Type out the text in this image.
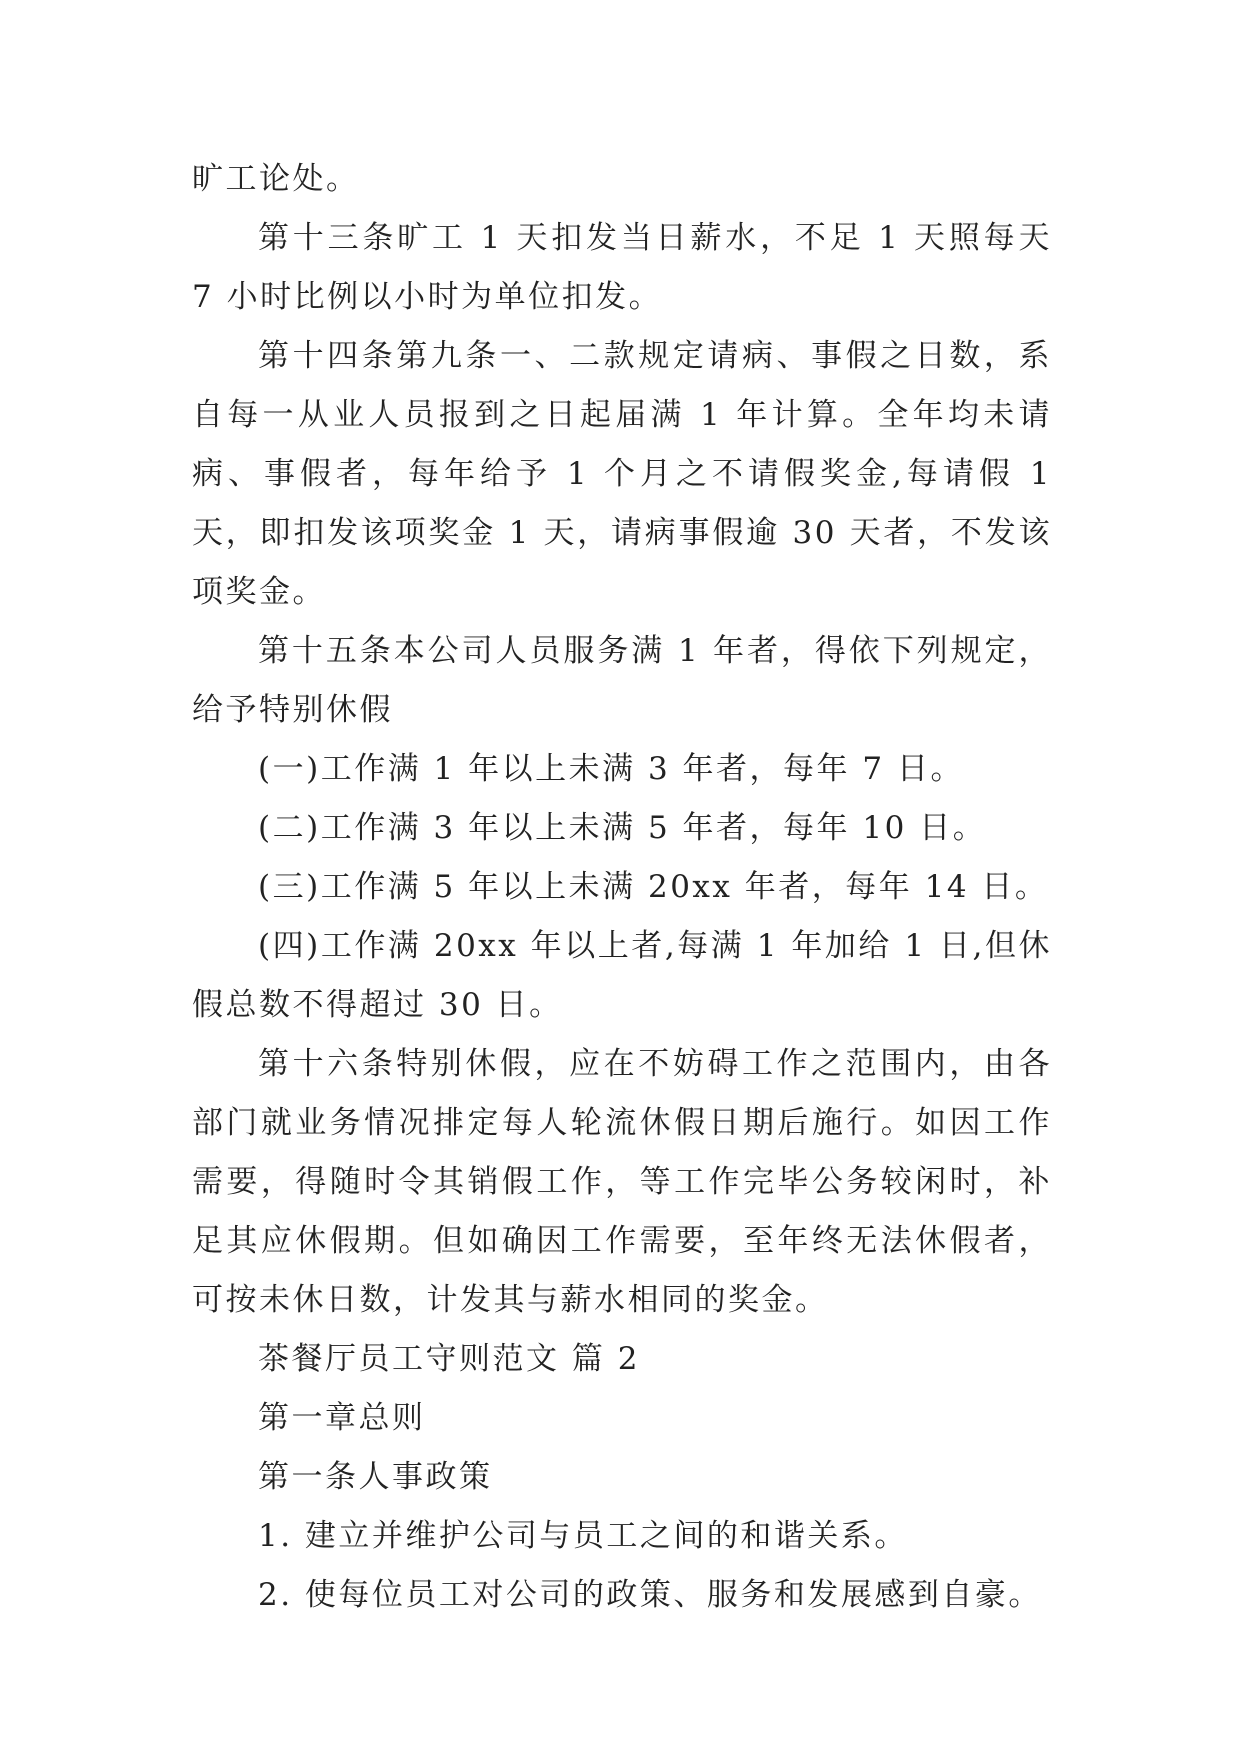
旷工论处。

第十三条旷工 1 天扣发当日薪水，不足 1 天照每天 7 小时比例以小时为单位扣发。

第十四条第九条一、二款规定请病、事假之日数，系自每一从业人员报到之日起届满 1 年计算。全年均未请病、事假者，每年给予 1 个月之不请假奖金,每请假 1 天，即扣发该项奖金 1 天，请病事假逾 30 天者，不发该项奖金。

第十五条本公司人员服务满 1 年者，得依下列规定，给予特别休假

(一)工作满 1 年以上未满 3 年者，每年 7 日。

(二)工作满 3 年以上未满 5 年者，每年 10 日。

(三)工作满 5 年以上未满 20xx 年者，每年 14 日。

(四)工作满 20xx 年以上者,每满 1 年加给 1 日,但休假总数不得超过 30 日。

第十六条特别休假，应在不妨碍工作之范围内，由各部门就业务情况排定每人轮流休假日期后施行。如因工作需要，得随时令其销假工作，等工作完毕公务较闲时，补足其应休假期。但如确因工作需要，至年终无法休假者，可按未休日数，计发其与薪水相同的奖金。

茶餐厅员工守则范文 篇 2

第一章总则

第一条人事政策

1. 建立并维护公司与员工之间的和谐关系。

2. 使每位员工对公司的政策、服务和发展感到自豪。
